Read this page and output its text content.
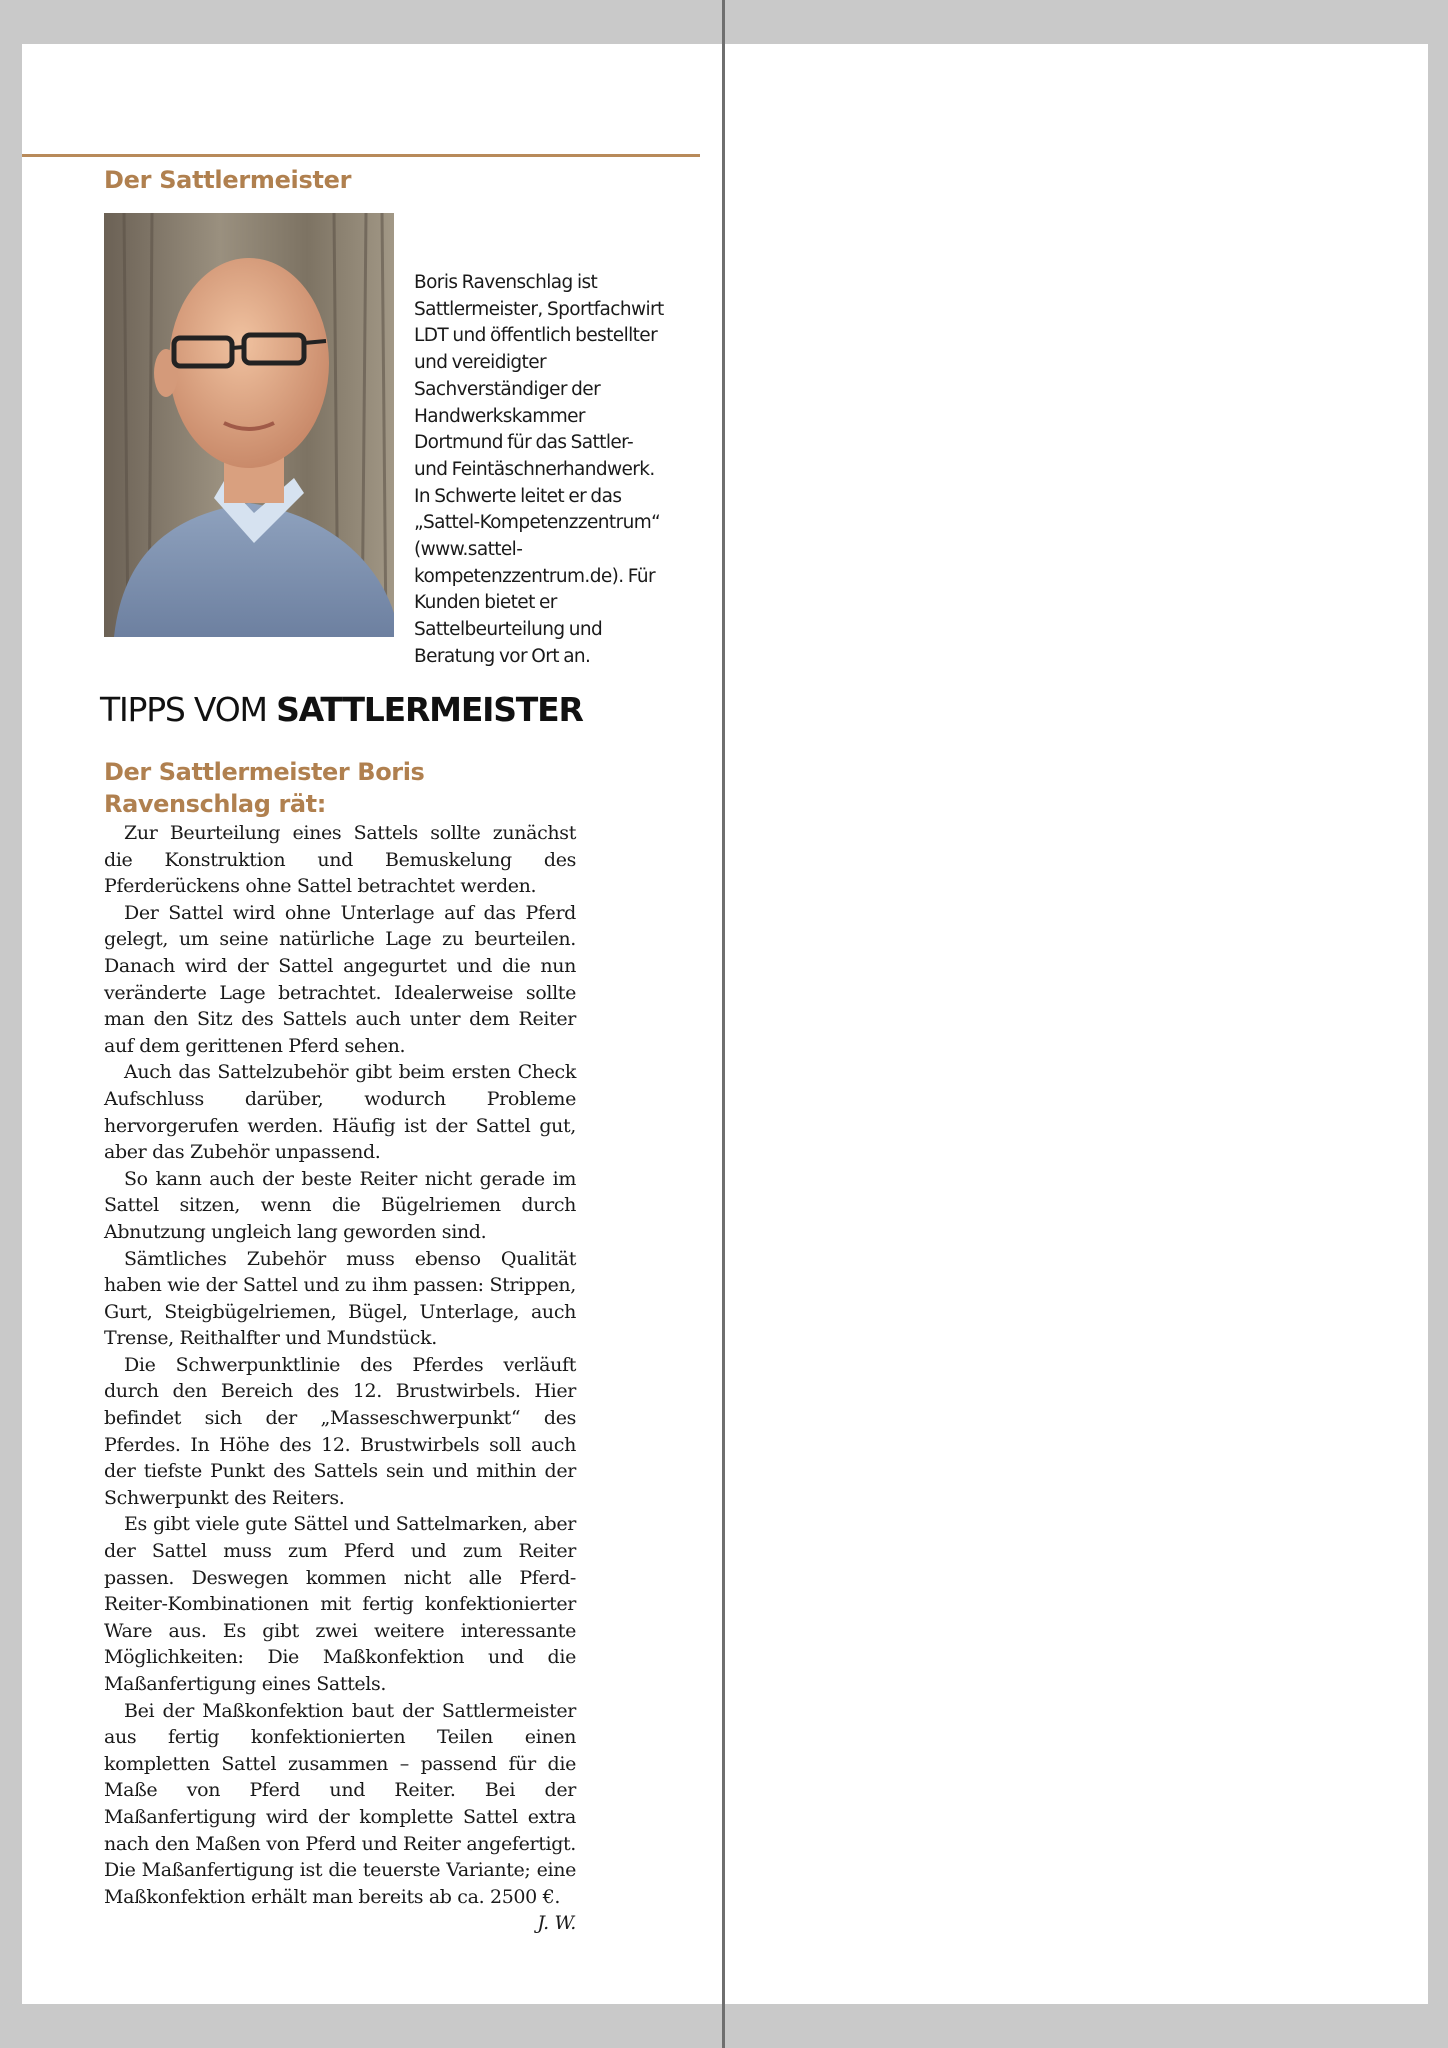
Der Sattlermeister

Boris Ravenschlag ist Sattlermeister, Sportfachwirt LDT und öffentlich bestellter und vereidigter Sachverständiger der Handwerkskammer Dortmund für das Sattler- und Feintäschnerhandwerk. In Schwerte leitet er das „Sattel-Kompetenzzentrum“ (www.sattel-kompetenzzentrum.de). Für Kunden bietet er Sattelbeurteilung und Beratung vor Ort an.

TIPPS VOM SATTLERMEISTER
Der Sattlermeister Boris Ravenschlag rät:

Zur Beurteilung eines Sattels sollte zunächst die Konstruktion und Bemuskelung des Pferderückens ohne Sattel betrachtet werden.

Der Sattel wird ohne Unterlage auf das Pferd gelegt, um seine natürliche Lage zu beurteilen. Danach wird der Sattel angegurtet und die nun veränderte Lage betrachtet. Idealerweise sollte man den Sitz des Sattels auch unter dem Reiter auf dem gerittenen Pferd sehen.

Auch das Sattelzubehör gibt beim ersten Check Aufschluss darüber, wodurch Probleme hervorgerufen werden. Häufig ist der Sattel gut, aber das Zubehör unpassend.

So kann auch der beste Reiter nicht gerade im Sattel sitzen, wenn die Bügelriemen durch Abnutzung ungleich lang geworden sind.

Sämtliches Zubehör muss ebenso Qualität haben wie der Sattel und zu ihm passen: Strippen, Gurt, Steigbügelriemen, Bügel, Unterlage, auch Trense, Reithalfter und Mundstück.

Die Schwerpunktlinie des Pferdes verläuft durch den Bereich des 12. Brustwirbels. Hier befindet sich der „Masseschwerpunkt“ des Pferdes. In Höhe des 12. Brustwirbels soll auch der tiefste Punkt des Sattels sein und mithin der Schwerpunkt des Reiters.

Es gibt viele gute Sättel und Sattelmarken, aber der Sattel muss zum Pferd und zum Reiter passen. Deswegen kommen nicht alle Pferd-Reiter-Kombinationen mit fertig konfektionierter Ware aus. Es gibt zwei weitere interessante Möglichkeiten: Die Maßkonfektion und die Maßanfertigung eines Sattels.

Bei der Maßkonfektion baut der Sattlermeister aus fertig konfektionierten Teilen einen kompletten Sattel zusammen – passend für die Maße von Pferd und Reiter. Bei der Maßanfertigung wird der komplette Sattel extra nach den Maßen von Pferd und Reiter angefertigt. Die Maßanfertigung ist die teuerste Variante; eine Maßkonfektion erhält man bereits ab ca. 2500 €.
J. W.
